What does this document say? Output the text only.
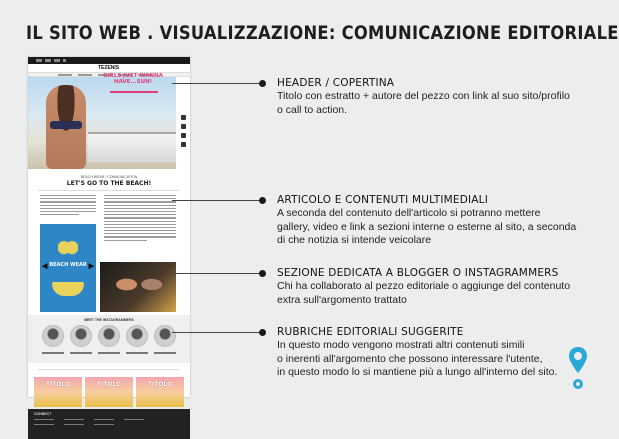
IL SITO WEB . VISUALIZZAZIONE: COMUNICAZIONE EDITORIALE
TEZENIS
GIRLS JUST WANNA HAVE...SUN!
BEACH WEAR / COMMUNICATION
LET'S GO TO THE BEACH!
BEACH WEAR
◀	▶
MEET THE INSTAGRAMMERS
TITOLO	TITOLO	TITOLO
CONNECT
HEADER / COPERTINA
Titolo con estratto + autore del pezzo con link al suo sito/profilo
o call to action.
ARTICOLO E CONTENUTI MULTIMEDIALI
A seconda del contenuto dell'articolo si potranno mettere
gallery, video e link a sezioni interne o esterne al sito, a seconda
di che notizia si intende veicolare
SEZIONE DEDICATA A BLOGGER O INSTAGRAMMERS
Chi ha collaborato al pezzo editoriale o aggiunge del contenuto
extra sull'argomento trattato
RUBRICHE EDITORIALI SUGGERITE
In questo modo vengono mostrati altri contenuti simili
o inerenti all'argomento che possono interessare l'utente,
in questo modo lo si mantiene più a lungo all'interno del sito.
